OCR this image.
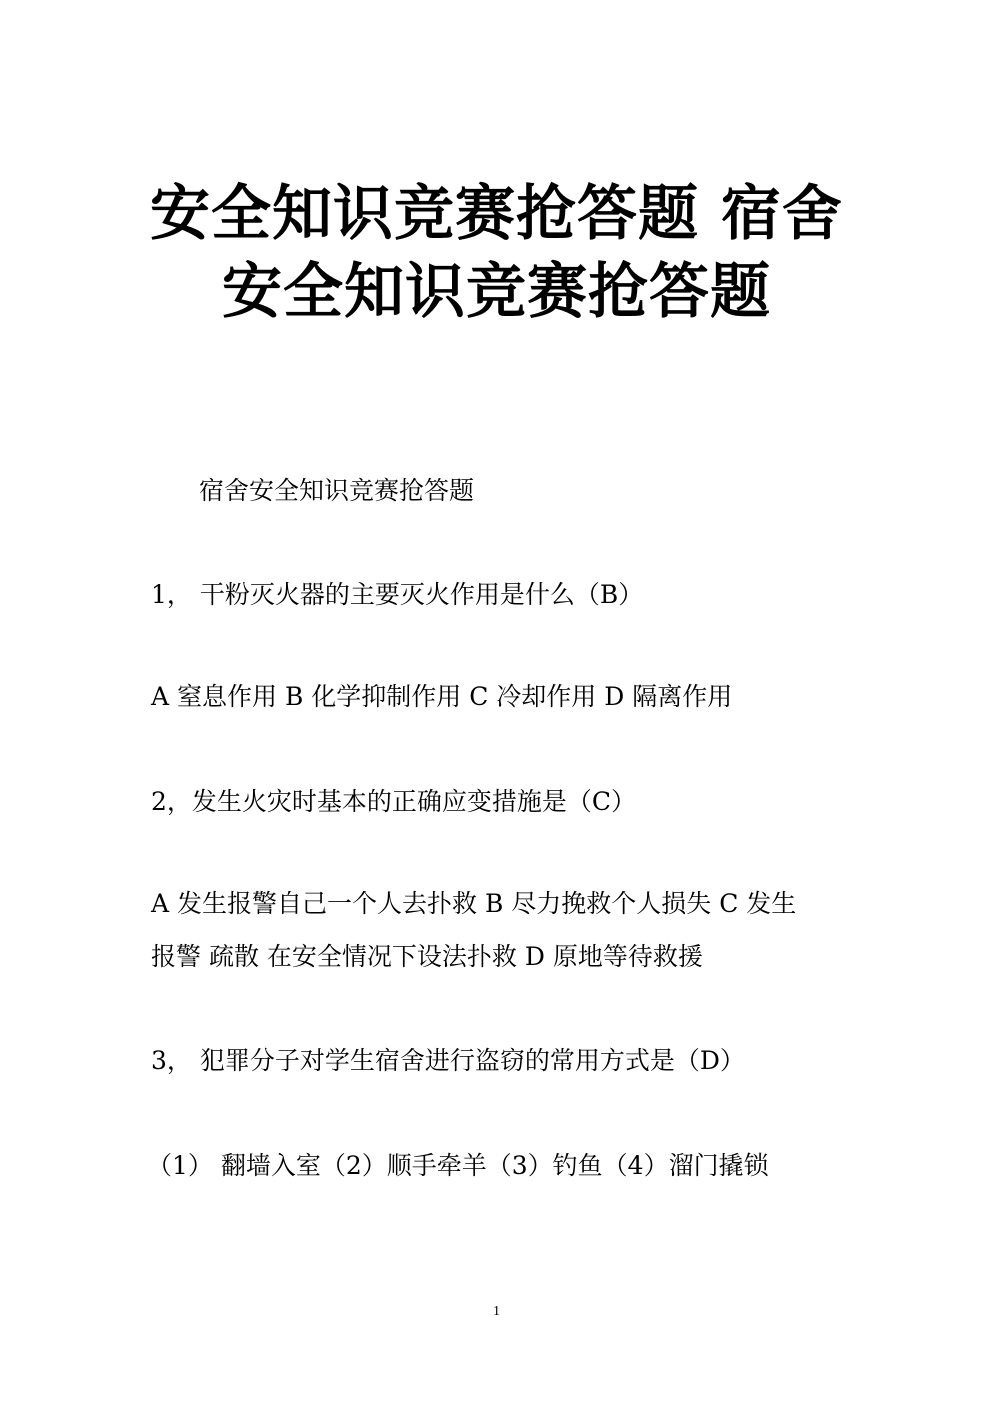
安全知识竞赛抢答题 宿舍
安全知识竞赛抢答题
宿舍安全知识竞赛抢答题
1， 干粉灭火器的主要灭火作用是什么（B）
A 窒息作用 B 化学抑制作用 C 冷却作用 D 隔离作用
2，发生火灾时基本的正确应变措施是（C）
A 发生报警自己一个人去扑救 B 尽力挽救个人损失 C 发生
报警 疏散 在安全情况下设法扑救 D 原地等待救援
3， 犯罪分子对学生宿舍进行盗窃的常用方式是（D）
（1） 翻墙入室（2）顺手牵羊（3）钓鱼（4）溜门撬锁
1
